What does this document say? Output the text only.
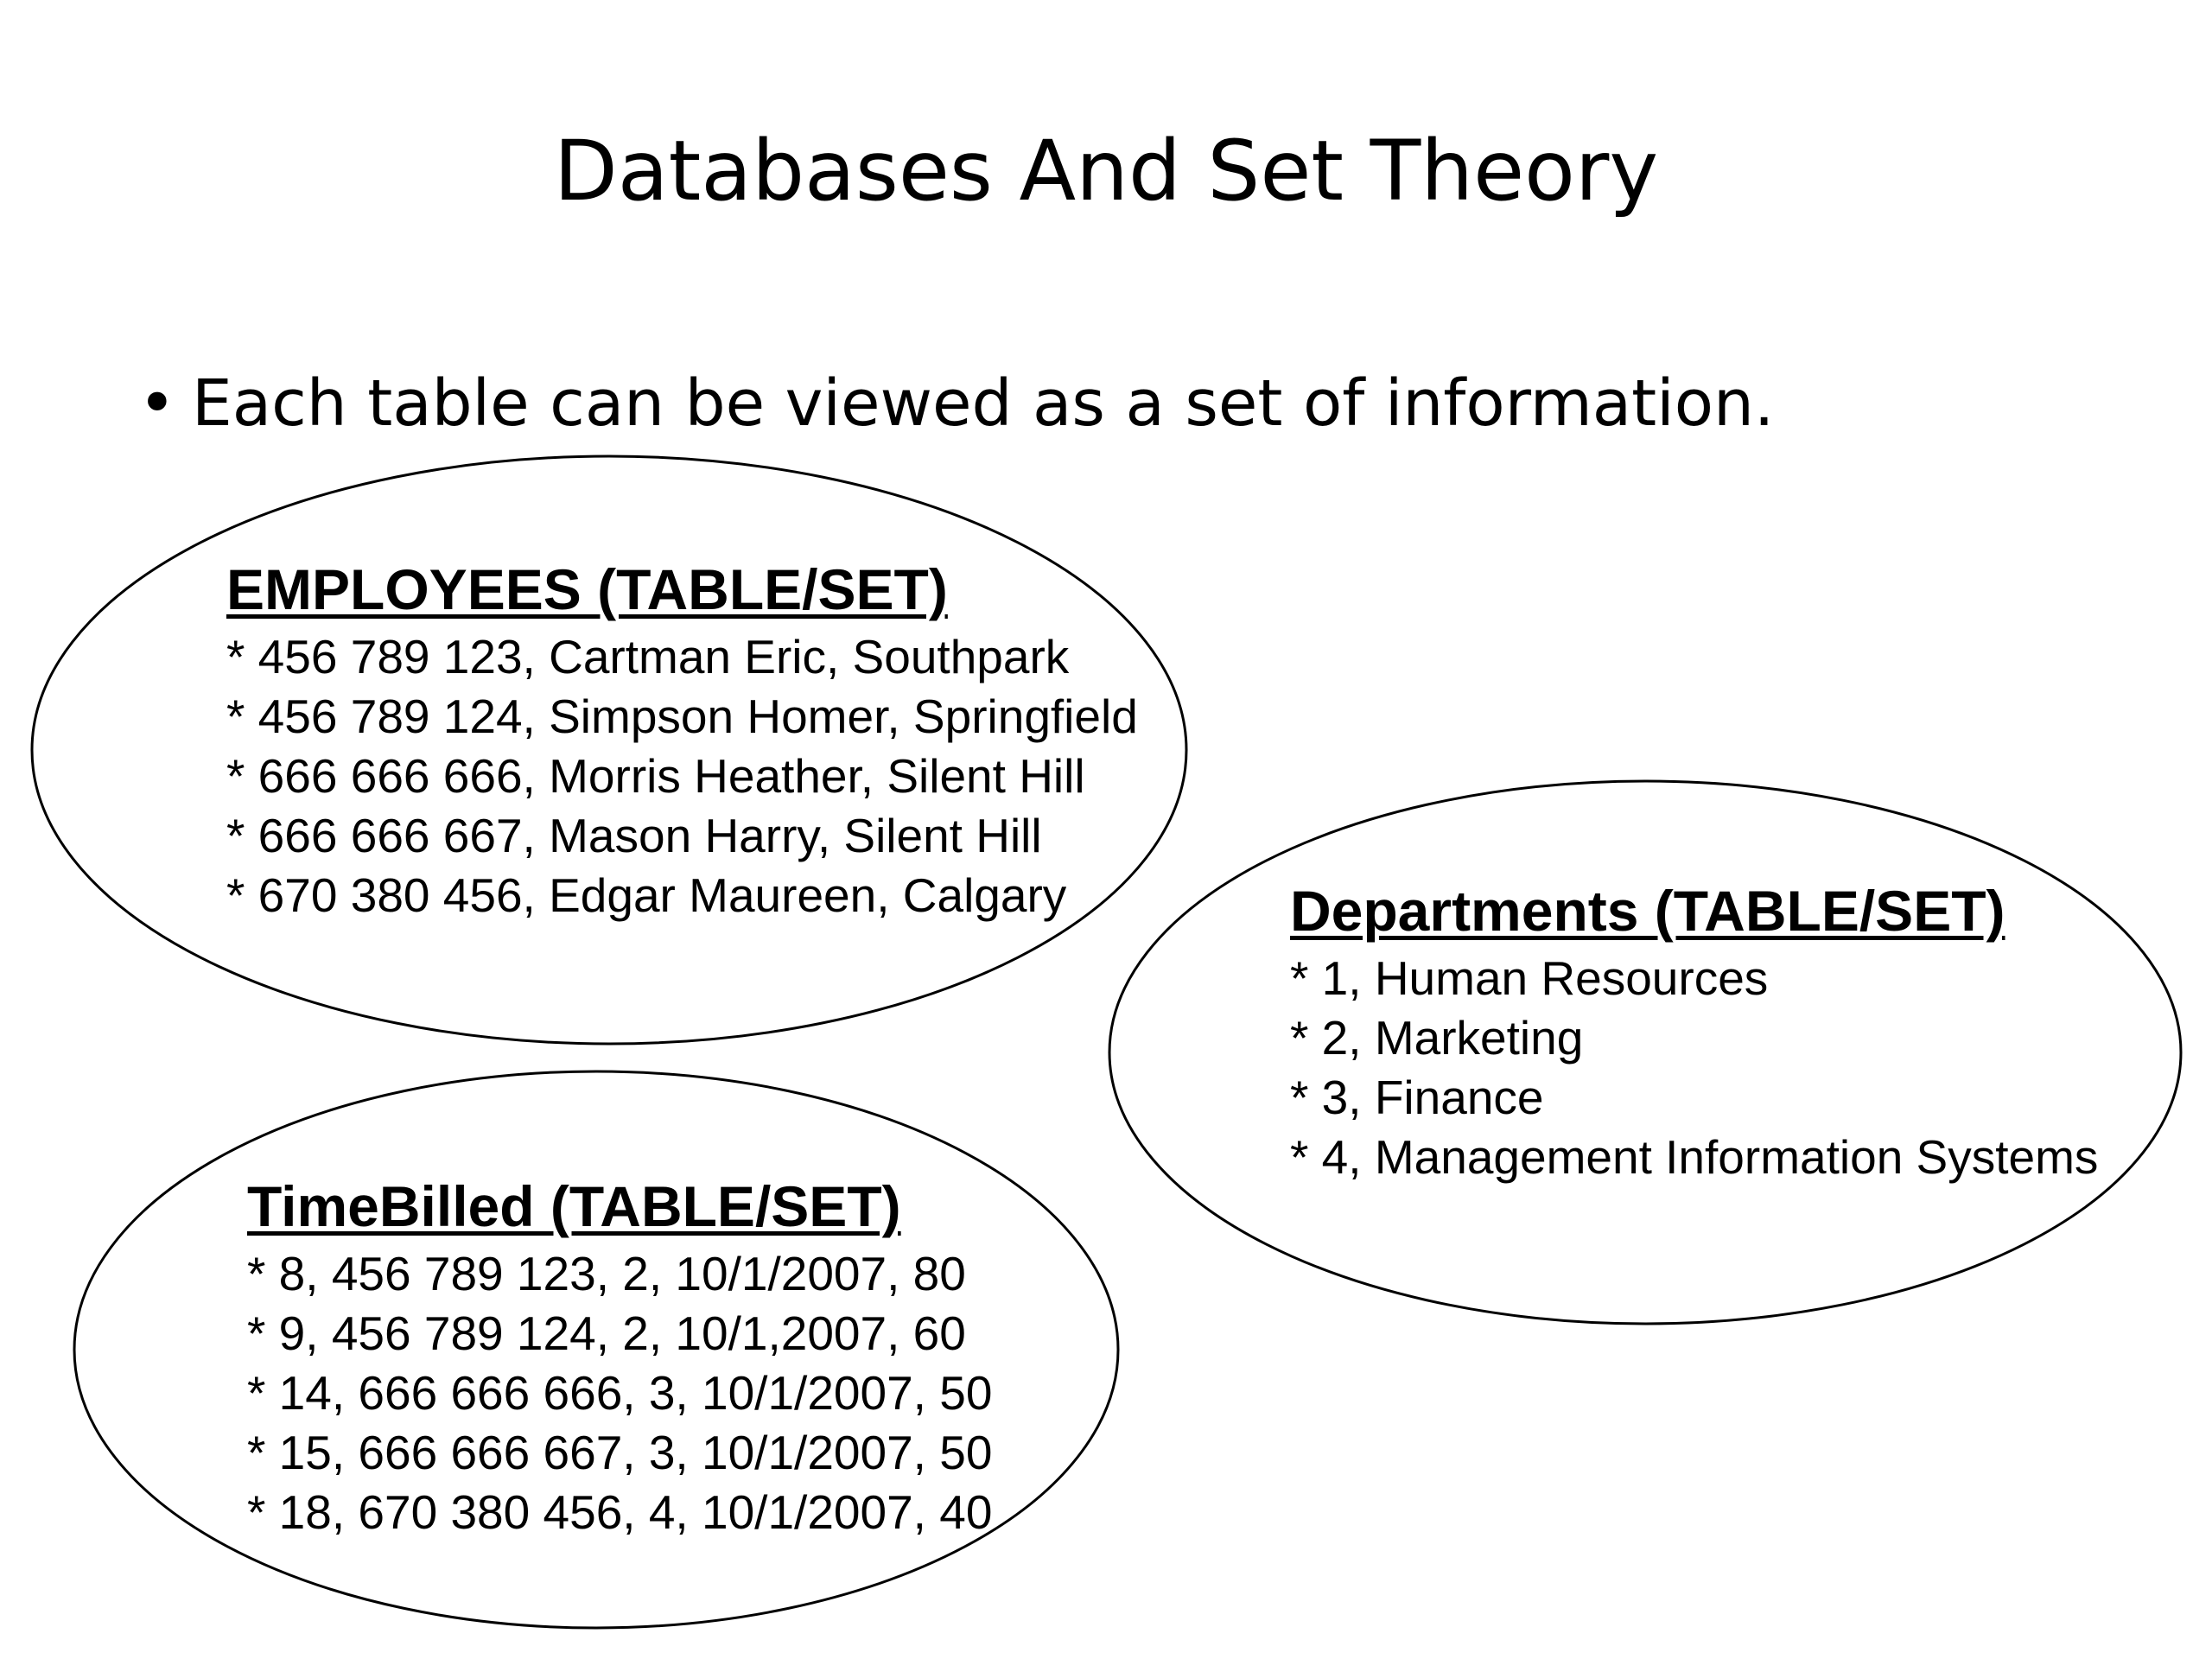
Databases And Set Theory
• Each table can be viewed as a set of information.
EMPLOYEES (TABLE/SET)
* 456 789 123, Cartman Eric, Southpark
* 456 789 124, Simpson Homer, Springfield
* 666 666 666, Morris Heather, Silent Hill
* 666 666 667, Mason Harry, Silent Hill
* 670 380 456, Edgar Maureen, Calgary	Departments (TABLE/SET)
* 1, Human Resources
* 2, Marketing
* 3, Finance
* 4, Management Information Systems
TimeBilled (TABLE/SET)
* 8, 456 789 123, 2, 10/1/2007, 80
* 9, 456 789 124, 2, 10/1,2007, 60
* 14, 666 666 666, 3, 10/1/2007, 50
* 15, 666 666 667, 3, 10/1/2007, 50
* 18, 670 380 456, 4, 10/1/2007, 40
